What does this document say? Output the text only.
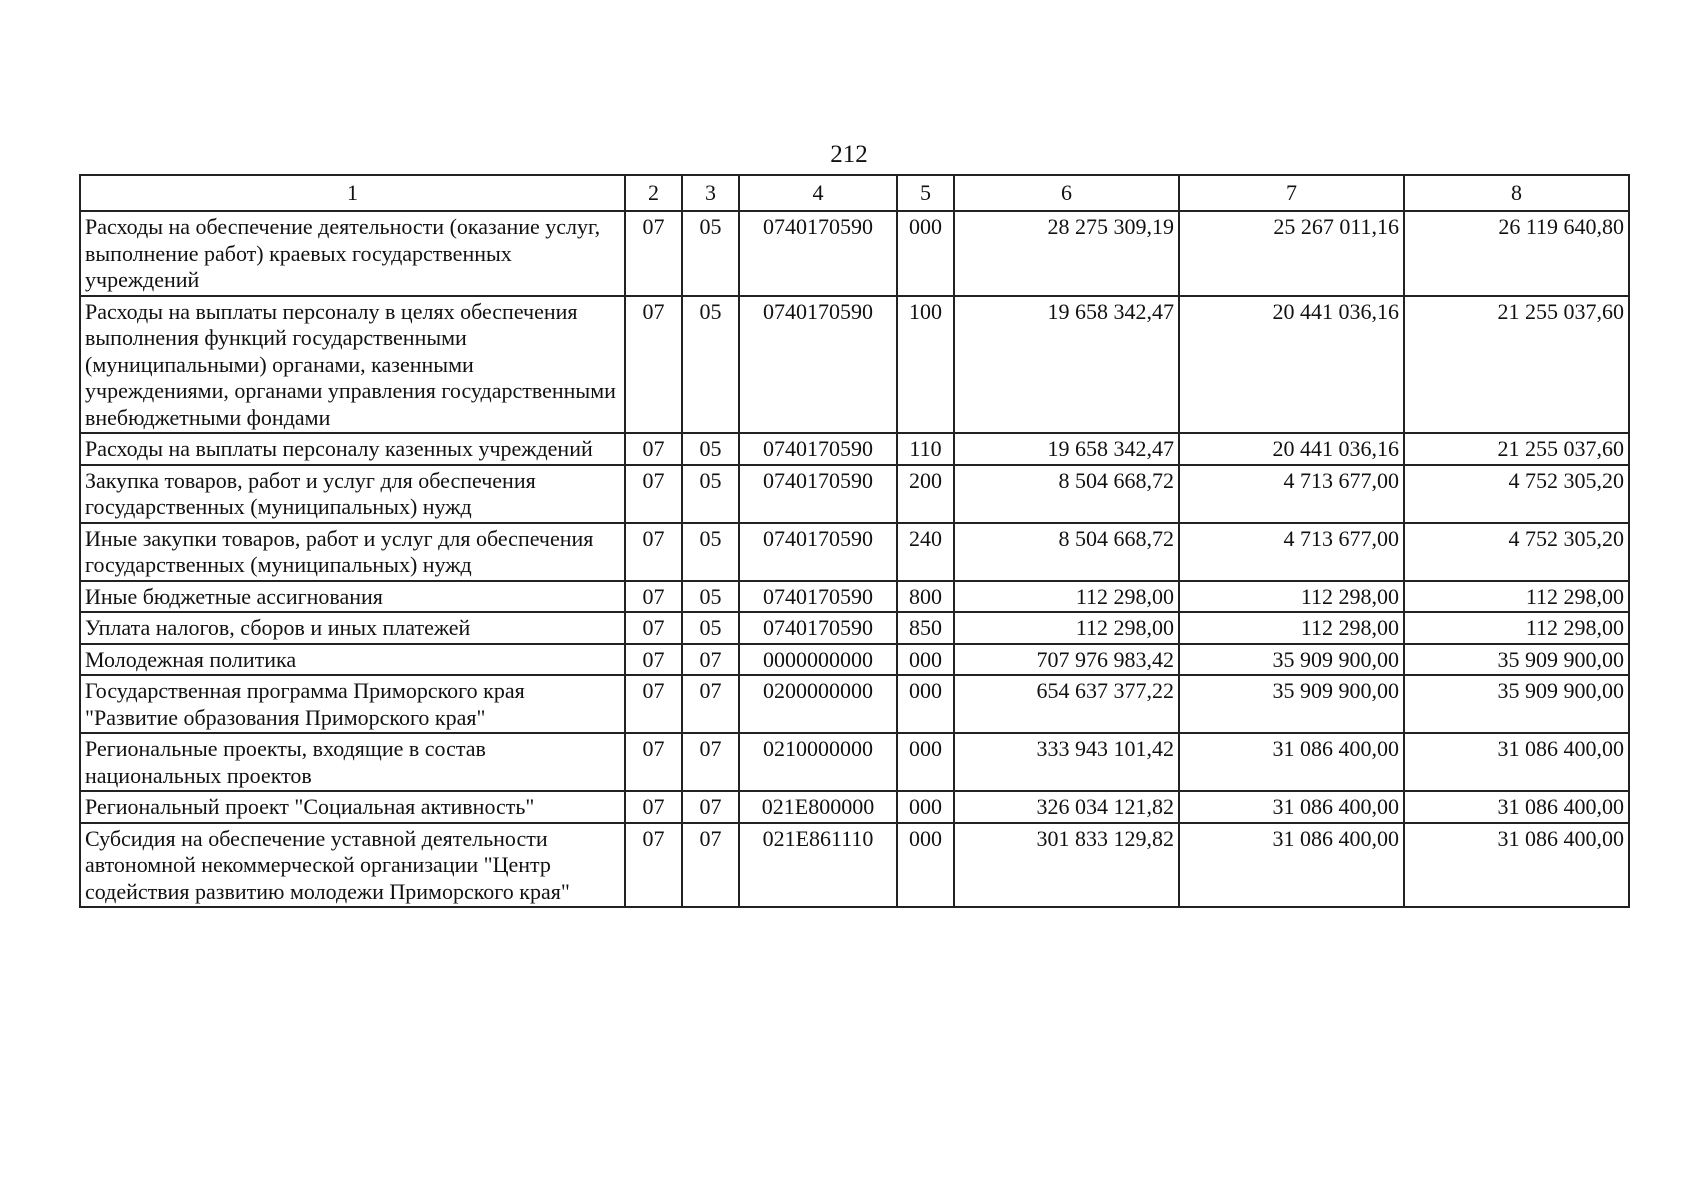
212
1	2	3	4	5	6	7	8
Расходы на обеспечение деятельности (оказание услуг, выполнение работ) краевых государственных учреждений	07	05	0740170590	000	28 275 309,19	25 267 011,16	26 119 640,80
Расходы на выплаты персоналу в целях обеспечения выполнения функций государственными (муниципальными) органами, казенными учреждениями, органами управления государственными внебюджетными фондами	07	05	0740170590	100	19 658 342,47	20 441 036,16	21 255 037,60
Расходы на выплаты персоналу казенных учреждений	07	05	0740170590	110	19 658 342,47	20 441 036,16	21 255 037,60
Закупка товаров, работ и услуг для обеспечения государственных (муниципальных) нужд	07	05	0740170590	200	8 504 668,72	4 713 677,00	4 752 305,20
Иные закупки товаров, работ и услуг для обеспечения государственных (муниципальных) нужд	07	05	0740170590	240	8 504 668,72	4 713 677,00	4 752 305,20
Иные бюджетные ассигнования	07	05	0740170590	800	112 298,00	112 298,00	112 298,00
Уплата налогов, сборов и иных платежей	07	05	0740170590	850	112 298,00	112 298,00	112 298,00
Молодежная политика	07	07	0000000000	000	707 976 983,42	35 909 900,00	35 909 900,00
Государственная программа Приморского края "Развитие образования Приморского края"	07	07	0200000000	000	654 637 377,22	35 909 900,00	35 909 900,00
Региональные проекты, входящие в состав национальных проектов	07	07	0210000000	000	333 943 101,42	31 086 400,00	31 086 400,00
Региональный проект "Социальная активность"	07	07	021E800000	000	326 034 121,82	31 086 400,00	31 086 400,00
Субсидия на обеспечение уставной деятельности автономной некоммерческой организации "Центр содействия развитию молодежи Приморского края"	07	07	021E861110	000	301 833 129,82	31 086 400,00	31 086 400,00
